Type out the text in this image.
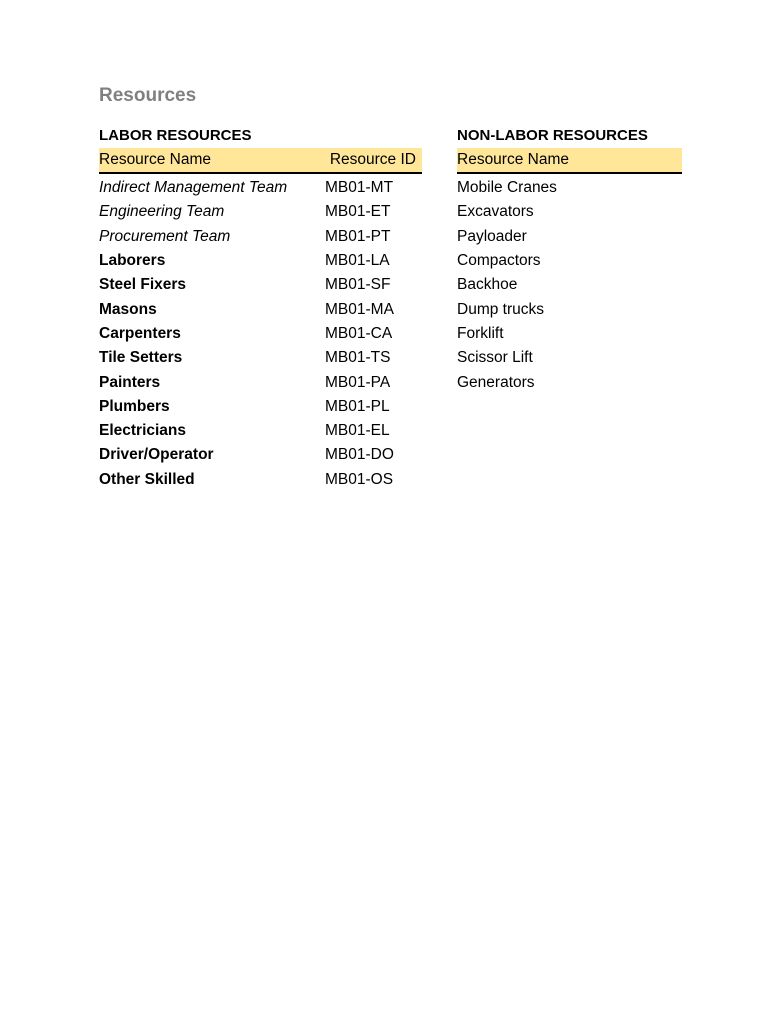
Resources
LABOR RESOURCES
Resource Name	Resource ID
Indirect Management Team	MB01-MT
Engineering Team	MB01-ET
Procurement Team	MB01-PT
Laborers	MB01-LA
Steel Fixers	MB01-SF
Masons	MB01-MA
Carpenters	MB01-CA
Tile Setters	MB01-TS
Painters	MB01-PA
Plumbers	MB01-PL
Electricians	MB01-EL
Driver/Operator	MB01-DO
Other Skilled	MB01-OS
NON-LABOR RESOURCES
Resource Name
Mobile Cranes
Excavators
Payloader
Compactors
Backhoe
Dump trucks
Forklift
Scissor Lift
Generators
